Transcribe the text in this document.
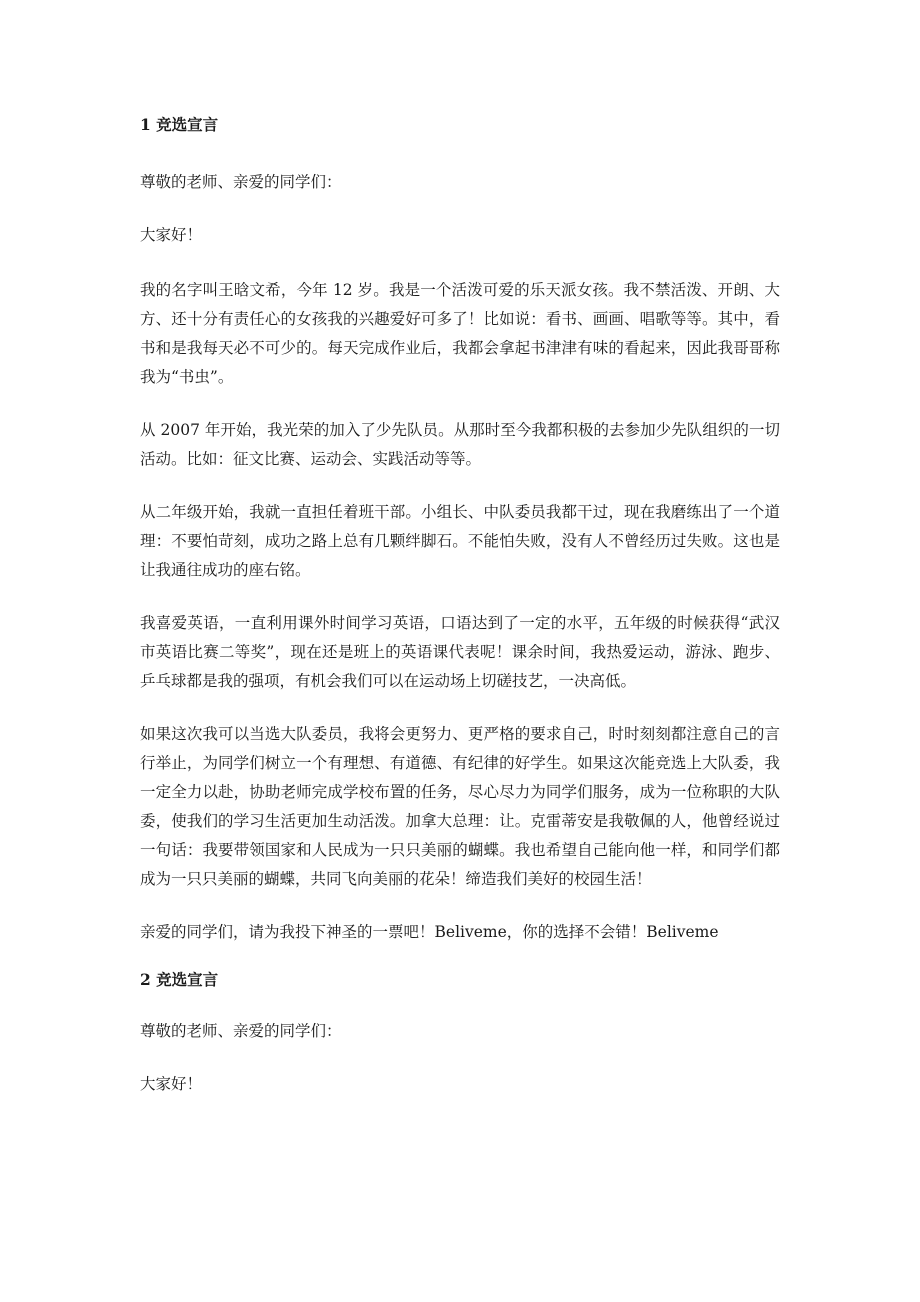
1 竞选宣言

尊敬的老师、亲爱的同学们：

大家好！

我的名字叫王晗文希，今年 12 岁。我是一个活泼可爱的乐天派女孩。我不禁活泼、开朗、大方、还十分有责任心的女孩我的兴趣爱好可多了！比如说：看书、画画、唱歌等等。其中，看书和是我每天必不可少的。每天完成作业后，我都会拿起书津津有味的看起来，因此我哥哥称我为“书虫”。

从 2007 年开始，我光荣的加入了少先队员。从那时至今我都积极的去参加少先队组织的一切活动。比如：征文比赛、运动会、实践活动等等。

从二年级开始，我就一直担任着班干部。小组长、中队委员我都干过，现在我磨练出了一个道理：不要怕苛刻，成功之路上总有几颗绊脚石。不能怕失败，没有人不曾经历过失败。这也是让我通往成功的座右铭。

我喜爱英语，一直利用课外时间学习英语，口语达到了一定的水平，五年级的时候获得“武汉市英语比赛二等奖”，现在还是班上的英语课代表呢！课余时间，我热爱运动，游泳、跑步、乒乓球都是我的强项，有机会我们可以在运动场上切磋技艺，一决高低。

如果这次我可以当选大队委员，我将会更努力、更严格的要求自己，时时刻刻都注意自己的言行举止，为同学们树立一个有理想、有道德、有纪律的好学生。如果这次能竞选上大队委，我一定全力以赴，协助老师完成学校布置的任务，尽心尽力为同学们服务，成为一位称职的大队委，使我们的学习生活更加生动活泼。加拿大总理：让。克雷蒂安是我敬佩的人，他曾经说过一句话：我要带领国家和人民成为一只只美丽的蝴蝶。我也希望自己能向他一样，和同学们都成为一只只美丽的蝴蝶，共同飞向美丽的花朵！缔造我们美好的校园生活！

亲爱的同学们，请为我投下神圣的一票吧！Beliveme，你的选择不会错！Beliveme

2 竞选宣言

尊敬的老师、亲爱的同学们：

大家好！
